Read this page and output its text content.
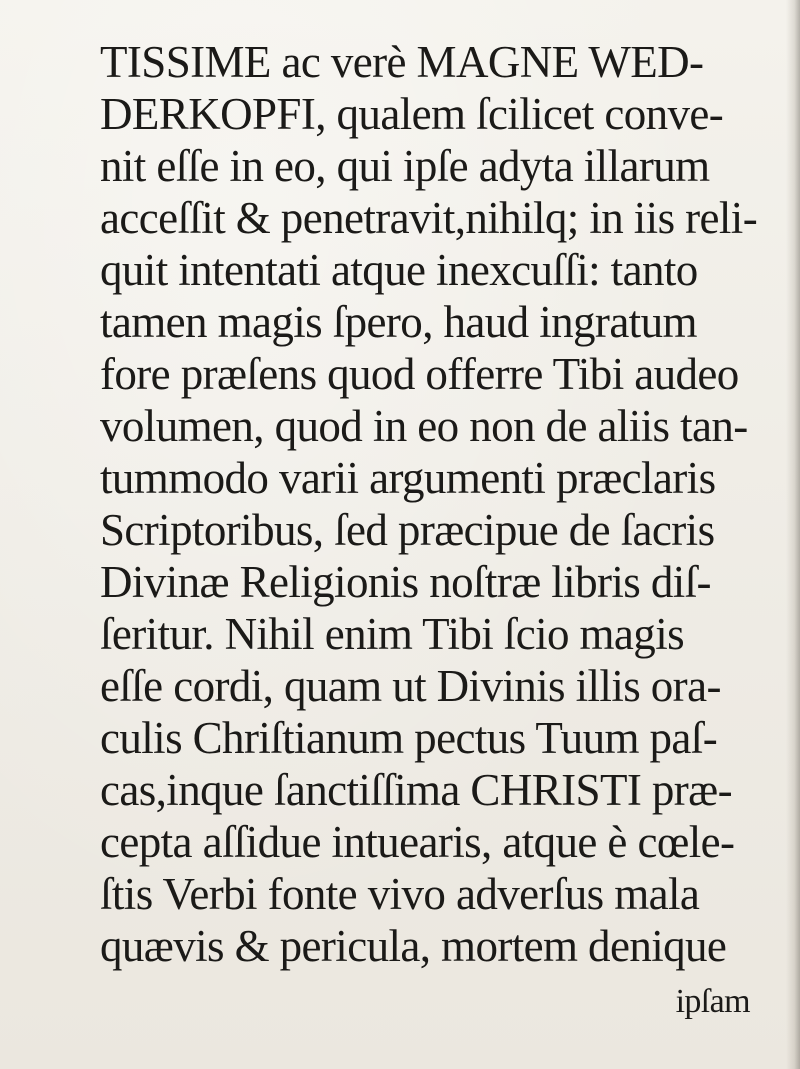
TISSIME ac verè MAGNE WED-
DERKOPFI, qualem ſcilicet conve-
nit eſſe in eo, qui ipſe adyta illarum
acceſſit & penetravit,nihilq; in iis reli-
quit intentati atque inexcuſſi: tanto
tamen magis ſpero, haud ingratum
fore præſens quod offerre Tibi audeo
volumen, quod in eo non de aliis tan-
tummodo varii argumenti præclaris
Scriptoribus, ſed præcipue de ſacris
Divinæ Religionis noſtræ libris diſ-
ſeritur. Nihil enim Tibi ſcio magis
eſſe cordi, quam ut Divinis illis ora-
culis Chriſtianum pectus Tuum paſ-
cas,inque ſanctiſſima CHRISTI præ-
cepta aſſidue intuearis, atque è cœle-
ſtis Verbi fonte vivo adverſus mala
quævis & pericula, mortem denique
ipſam
